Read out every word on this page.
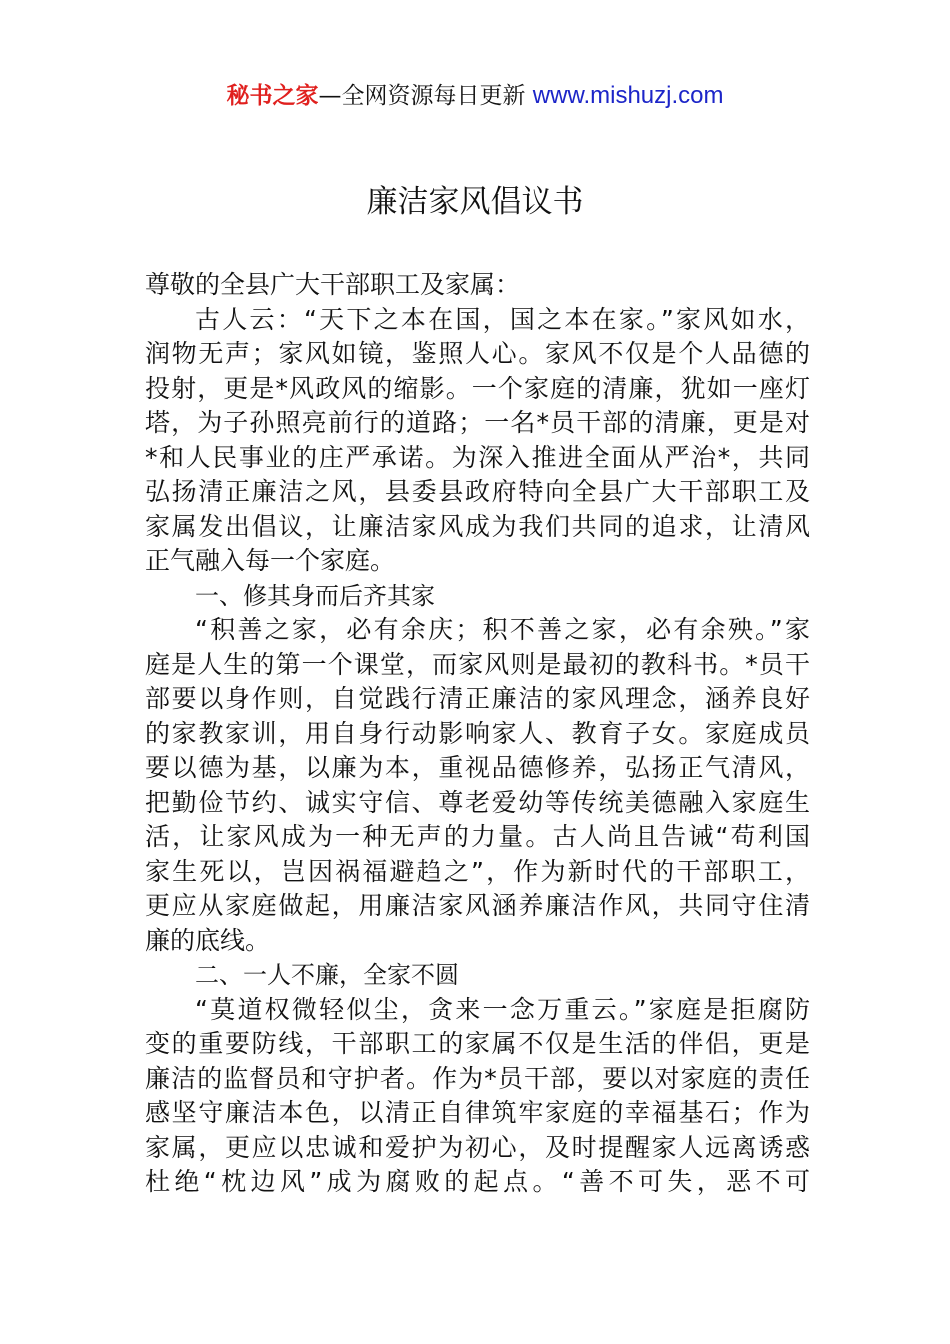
秘书之家—全网资源每日更新 www.mishuzj.com
廉洁家风倡议书
尊敬的全县广大干部职工及家属：
古人云：“天下之本在国，国之本在家。”家风如水，
润物无声；家风如镜，鉴照人心。家风不仅是个人品德的
投射，更是*风政风的缩影。一个家庭的清廉，犹如一座灯
塔，为子孙照亮前行的道路；一名*员干部的清廉，更是对
*和人民事业的庄严承诺。为深入推进全面从严治*，共同
弘扬清正廉洁之风，县委县政府特向全县广大干部职工及
家属发出倡议，让廉洁家风成为我们共同的追求，让清风
正气融入每一个家庭。
一、修其身而后齐其家
“积善之家，必有余庆；积不善之家，必有余殃。”家
庭是人生的第一个课堂，而家风则是最初的教科书。*员干
部要以身作则，自觉践行清正廉洁的家风理念，涵养良好
的家教家训，用自身行动影响家人、教育子女。家庭成员
要以德为基，以廉为本，重视品德修养，弘扬正气清风，
把勤俭节约、诚实守信、尊老爱幼等传统美德融入家庭生
活，让家风成为一种无声的力量。古人尚且告诫“苟利国
家生死以，岂因祸福避趋之”，作为新时代的干部职工，
更应从家庭做起，用廉洁家风涵养廉洁作风，共同守住清
廉的底线。
二、一人不廉，全家不圆
“莫道权微轻似尘，贪来一念万重云。”家庭是拒腐防
变的重要防线，干部职工的家属不仅是生活的伴侣，更是
廉洁的监督员和守护者。作为*员干部，要以对家庭的责任
感坚守廉洁本色，以清正自律筑牢家庭的幸福基石；作为
家属，更应以忠诚和爱护为初心，及时提醒家人远离诱惑
杜绝“枕边风”成为腐败的起点。“善不可失，恶不可
